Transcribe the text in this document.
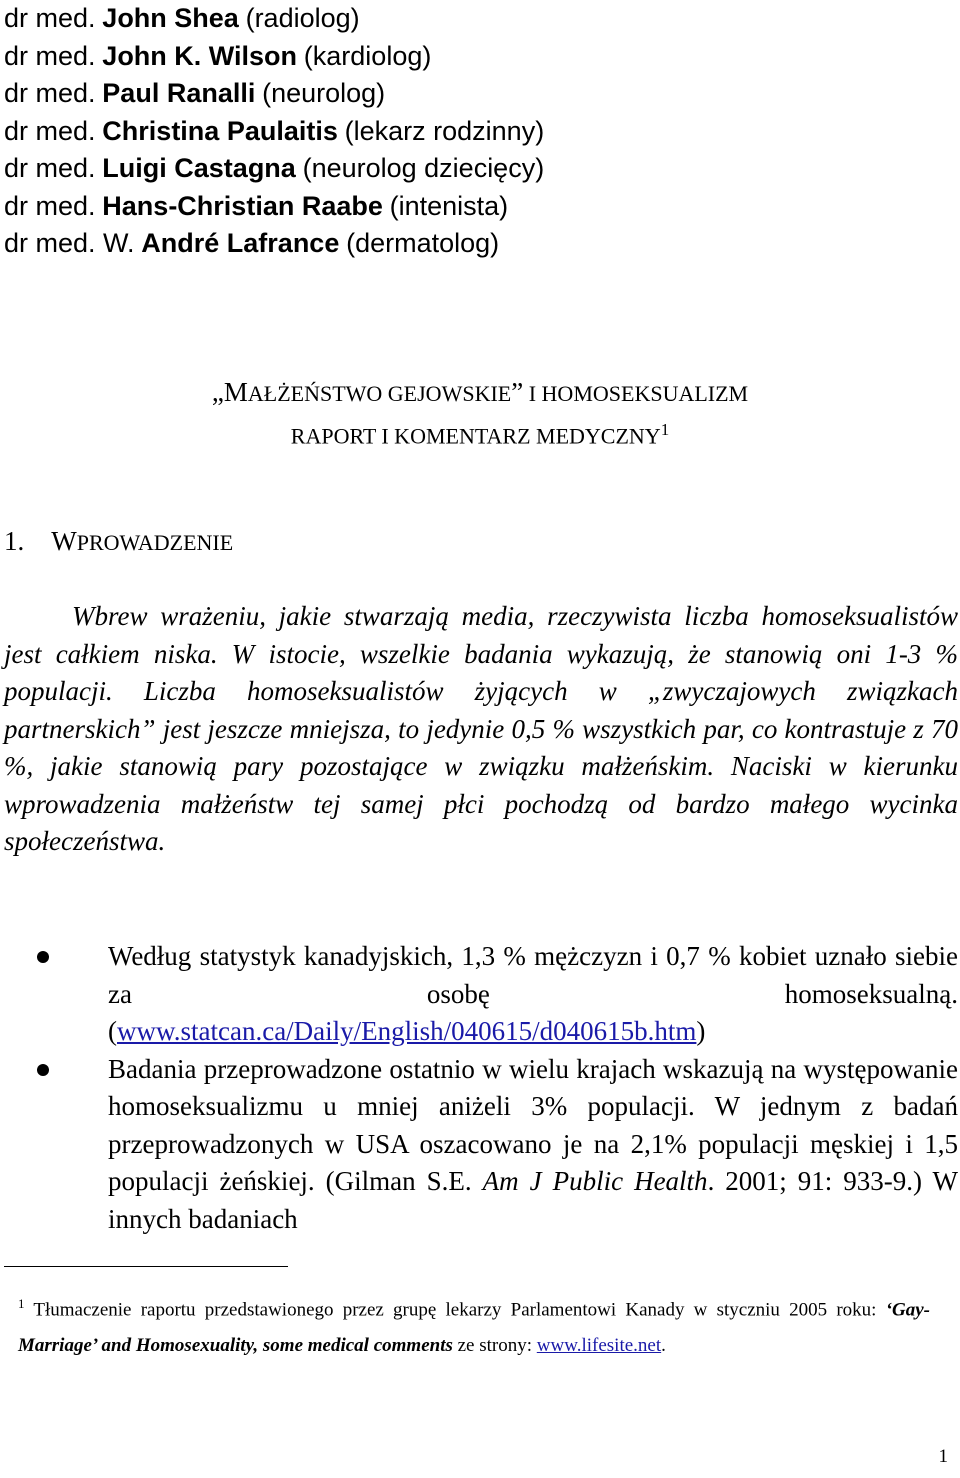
dr med. John Shea (radiolog)
dr med. John K. Wilson (kardiolog)
dr med. Paul Ranalli (neurolog)
dr med. Christina Paulaitis (lekarz rodzinny)
dr med. Luigi Castagna (neurolog dziecięcy)
dr med. Hans-Christian Raabe (intenista)
dr med. W. André Lafrance (dermatolog)
„MAŁŻEŃSTWO GEJOWSKIE” I HOMOSEKSUALIZM
RAPORT I KOMENTARZ MEDYCZNY$^1$
1. WPROWADZENIE
Wbrew wrażeniu, jakie stwarzają media, rzeczywista liczba homoseksualistów jest całkiem niska. W istocie, wszelkie badania wykazują, że stanowią oni 1-3 % populacji. Liczba homoseksualistów żyjących w „zwyczajowych związkach partnerskich” jest jeszcze mniejsza, to jedynie 0,5 % wszystkich par, co kontrastuje z 70 %, jakie stanowią pary pozostające w związku małżeńskim. Naciski w kierunku wprowadzenia małżeństw tej samej płci pochodzą od bardzo małego wycinka społeczeństwa.
Według statystyk kanadyjskich, 1,3 % mężczyzn i 0,7 % kobiet uznało siebie za osobę homoseksualną. (www.statcan.ca/Daily/English/040615/d040615b.htm)
Badania przeprowadzone ostatnio w wielu krajach wskazują na występowanie homoseksualizmu u mniej aniżeli 3% populacji. W jednym z badań przeprowadzonych w USA oszacowano je na 2,1% populacji męskiej i 1,5 populacji żeńskiej. (Gilman S.E. Am J Public Health. 2001; 91: 933-9.) W innych badaniach
$^1$ Tłumaczenie raportu przedstawionego przez grupę lekarzy Parlamentowi Kanady w styczniu 2005 roku: ‘Gay-Marriage’ and Homosexuality, some medical comments ze strony: www.lifesite.net.
1
